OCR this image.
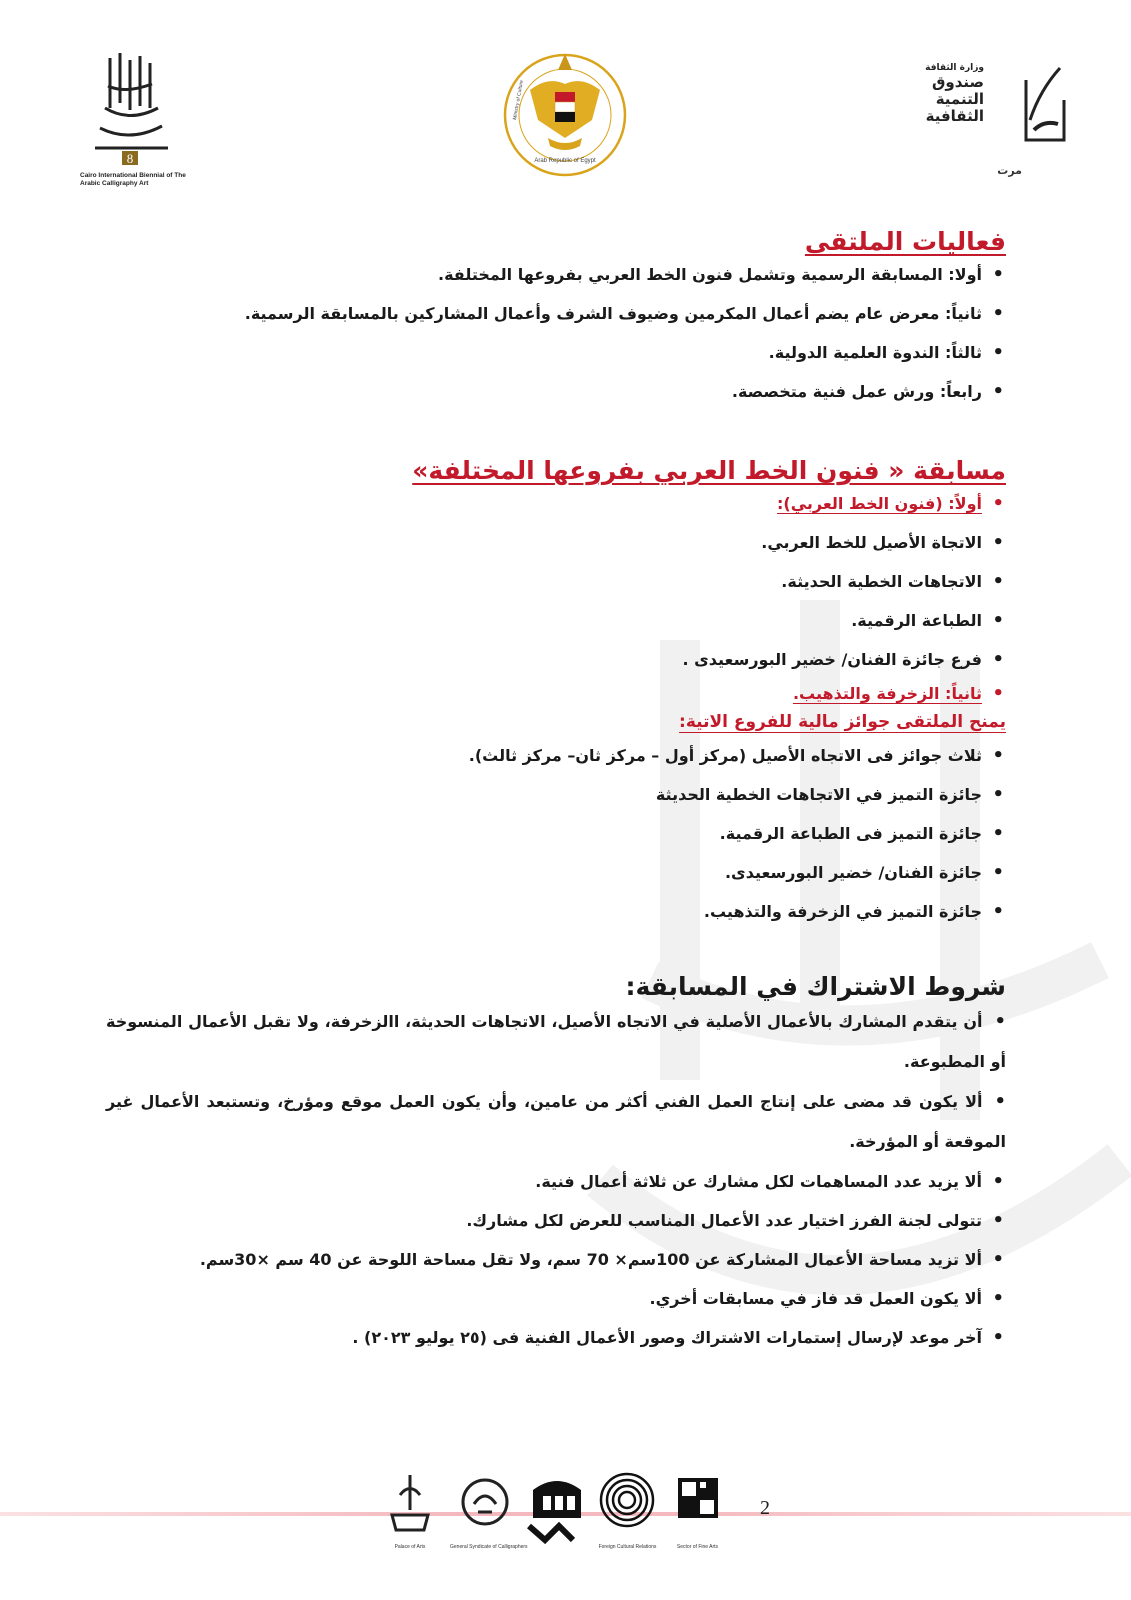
8
Cairo International Biennial of The Arabic Calligraphy Art
Arab Republic of Egypt
Ministry of Culture
وزارة الثقافة
صندوق التنمية الثقافية
مرت
فعاليات الملتقى
• أولا: المسابقة الرسمية وتشمل فنون الخط العربي بفروعها المختلفة.
• ثانياً: معرض عام يضم أعمال المكرمين وضيوف الشرف وأعمال المشاركين بالمسابقة الرسمية.
• ثالثاً: الندوة العلمية الدولية.
• رابعاً: ورش عمل فنية متخصصة.
مسابقة « فنون الخط العربي بفروعها المختلفة»
• أولاً: (فنون الخط العربي):
• الاتجاة الأصيل للخط العربي.
• الاتجاهات الخطية الحديثة.
• الطباعة الرقمية.
• فرع جائزة الفنان/ خضير البورسعيدى .
• ثانياً: الزخرفة والتذهيب.
يمنح الملتقى جوائز مالية للفروع الاتية:
• ثلاث جوائز فى الاتجاه الأصيل (مركز أول – مركز ثان– مركز ثالث).
• جائزة التميز في الاتجاهات الخطية الحديثة
• جائزة التميز فى الطباعة الرقمية.
• جائزة الفنان/ خضير البورسعيدى.
• جائزة التميز في الزخرفة والتذهيب.
شروط الاشتراك في المسابقة:
•أن يتقدم المشارك بالأعمال الأصلية في الاتجاه الأصيل، الاتجاهات الحديثة، االزخرفة، ولا تقبل الأعمال المنسوخة أو المطبوعة.
•ألا يكون قد مضى على إنتاج العمل الفني أكثر من عامين، وأن يكون العمل موقع ومؤرخ، وتستبعد الأعمال غير الموقعة أو المؤرخة.
• ألا يزيد عدد المساهمات لكل مشارك عن ثلاثة أعمال فنية.
• تتولى لجنة الفرز اختيار عدد الأعمال المناسب للعرض لكل مشارك.
• ألا تزيد مساحة الأعمال المشاركة عن 100سم× 70 سم، ولا تقل مساحة اللوحة عن 40 سم ×30سم.
• ألا يكون العمل قد فاز في مسابقات أخري.
• آخر موعد لإرسال إستمارات الاشتراك وصور الأعمال الفنية فى (٢٥ يوليو ٢٠٢٣) .
Palace of Arts	General Syndicate of Calligraphers	Foreign Cultural Relations	Sector of Fine Arts
2
